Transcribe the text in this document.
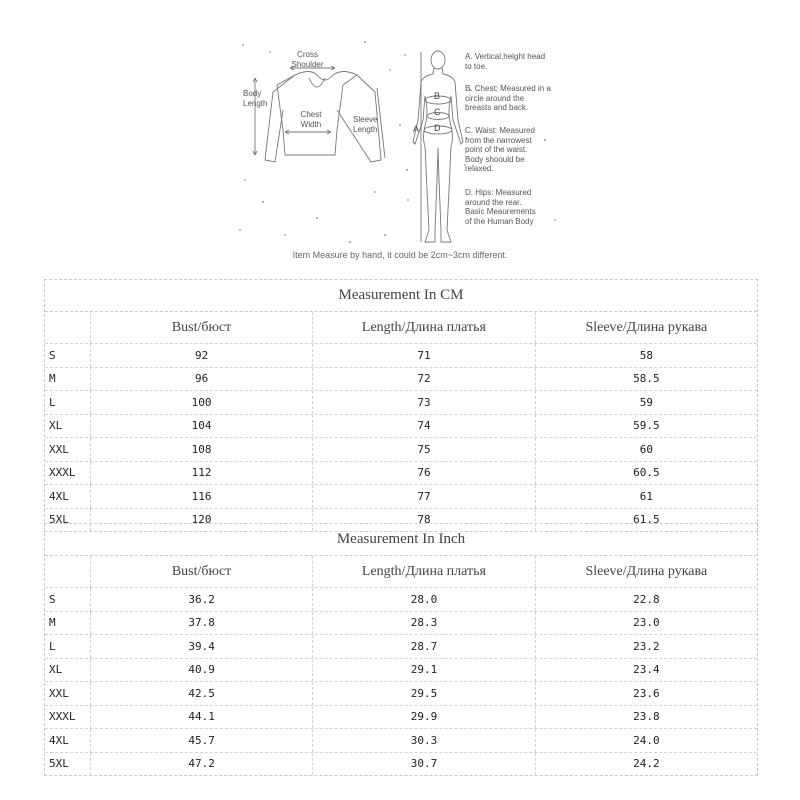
Cross
Shoulder
Body
Length
Chest
Width	Sleeve
Length	A
B
C
D
A. Vertical,height head
to toe.
B. Chest: Measured in a
circle around the
breasts and back.
C. Waist: Measured
from the narrowest
point of the waist.
Body shoould be
relaxed.
D. Hips: Measured
around the rear.
Basic Meaurements
of the Human Body
Item Measure by hand, it could be 2cm~3cm different.
Measurement In CM
Bust/бюст	Length/Длина платья	Sleeve/Длина рукава
S	92	71	58
M	96	72	58.5
L	100	73	59
XL	104	74	59.5
XXL	108	75	60
XXXL	112	76	60.5
4XL	116	77	61
5XL	120	78	61.5
Measurement In Inch
Bust/бюст	Length/Длина платья	Sleeve/Длина рукава
S	36.2	28.0	22.8
M	37.8	28.3	23.0
L	39.4	28.7	23.2
XL	40.9	29.1	23.4
XXL	42.5	29.5	23.6
XXXL	44.1	29.9	23.8
4XL	45.7	30.3	24.0
5XL	47.2	30.7	24.2
